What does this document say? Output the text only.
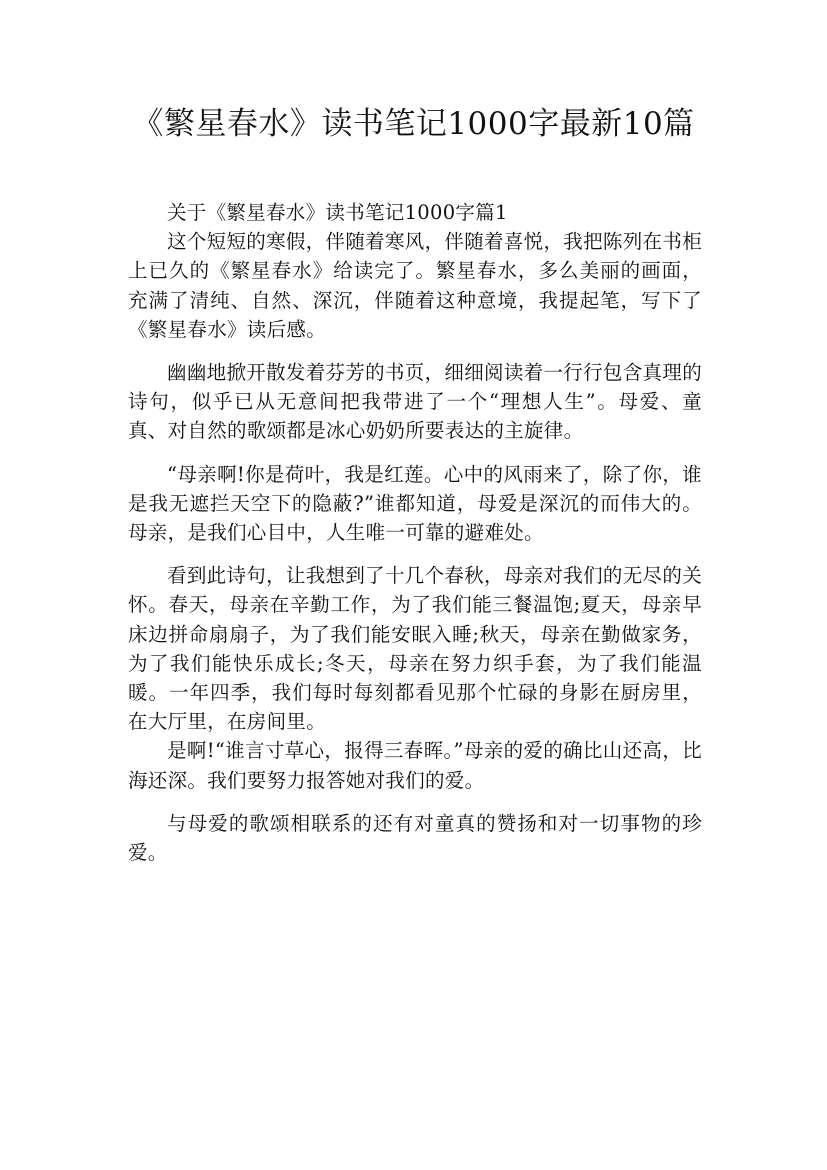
《繁星春水》读书笔记1000字最新10篇

关于《繁星春水》读书笔记1000字篇1

这个短短的寒假，伴随着寒风，伴随着喜悦，我把陈列在书柜上已久的《繁星春水》给读完了。繁星春水，多么美丽的画面，充满了清纯、自然、深沉，伴随着这种意境，我提起笔，写下了《繁星春水》读后感。

幽幽地掀开散发着芬芳的书页，细细阅读着一行行包含真理的诗句，似乎已从无意间把我带进了一个“理想人生”。母爱、童真、对自然的歌颂都是冰心奶奶所要表达的主旋律。

“母亲啊!你是荷叶，我是红莲。心中的风雨来了，除了你，谁是我无遮拦天空下的隐蔽?”谁都知道，母爱是深沉的而伟大的。母亲，是我们心目中，人生唯一可靠的避难处。

看到此诗句，让我想到了十几个春秋，母亲对我们的无尽的关怀。春天，母亲在辛勤工作，为了我们能三餐温饱;夏天，母亲早床边拼命扇扇子，为了我们能安眠入睡;秋天，母亲在勤做家务，为了我们能快乐成长;冬天，母亲在努力织手套，为了我们能温暖。一年四季，我们每时每刻都看见那个忙碌的身影在厨房里，在大厅里，在房间里。

是啊!“谁言寸草心，报得三春晖。”母亲的爱的确比山还高，比海还深。我们要努力报答她对我们的爱。

与母爱的歌颂相联系的还有对童真的赞扬和对一切事物的珍爱。
